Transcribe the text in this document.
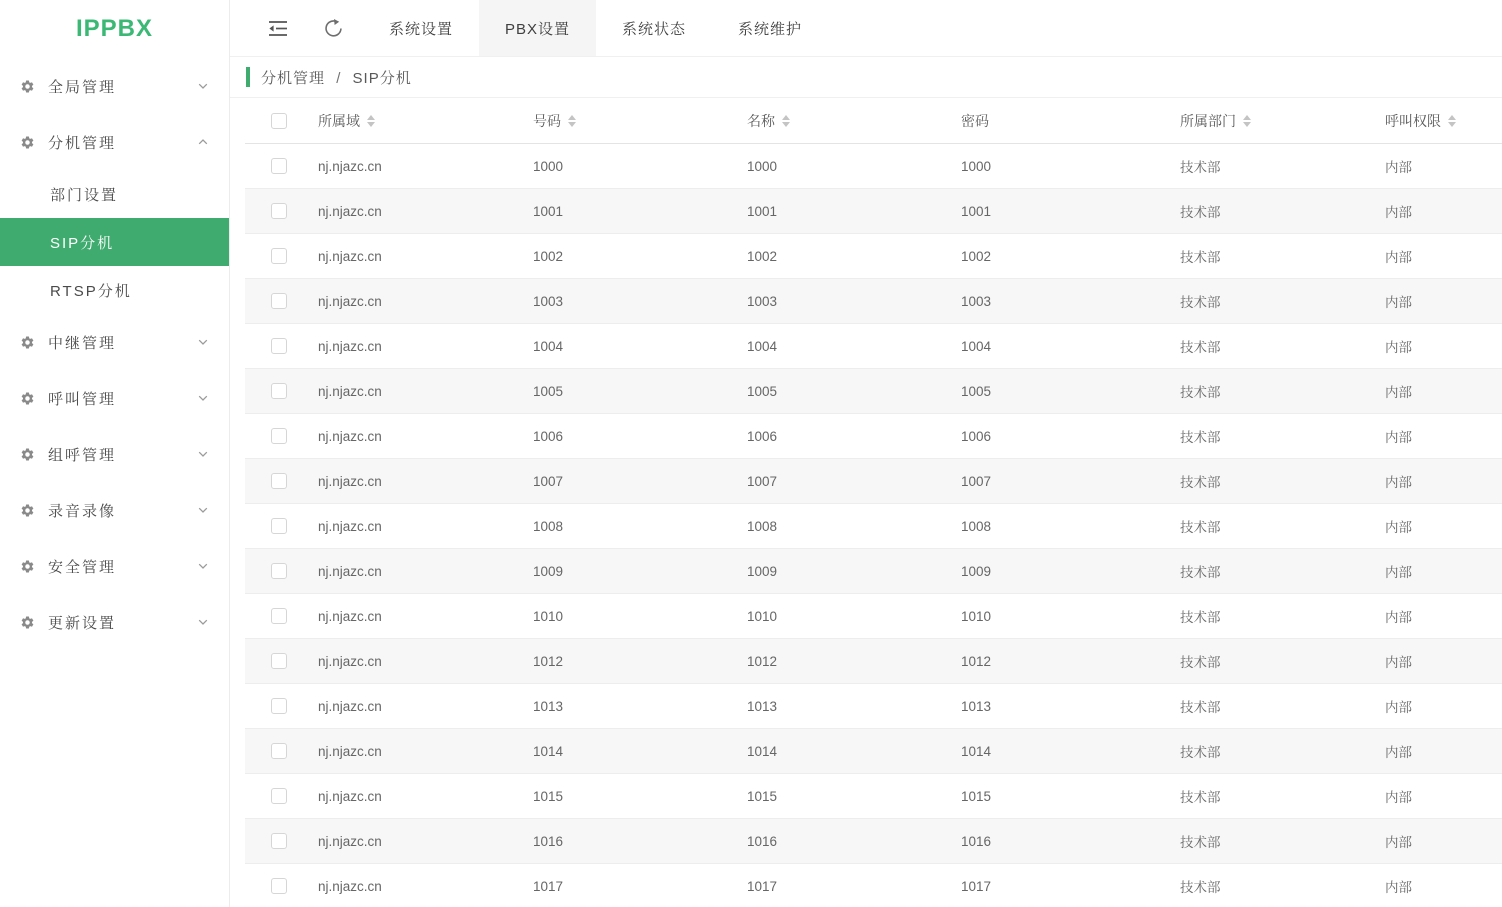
IPPBX
全局管理
分机管理
部门设置
SIP分机
RTSP分机
中继管理
呼叫管理
组呼管理
录音录像
安全管理
更新设置
系统设置	PBX设置	系统状态	系统维护
分机管理 / SIP分机
所属域	号码	名称	密码	所属部门	呼叫权限
nj.njazc.cn	1000	1000	1000	技术部	内部
nj.njazc.cn	1001	1001	1001	技术部	内部
nj.njazc.cn	1002	1002	1002	技术部	内部
nj.njazc.cn	1003	1003	1003	技术部	内部
nj.njazc.cn	1004	1004	1004	技术部	内部
nj.njazc.cn	1005	1005	1005	技术部	内部
nj.njazc.cn	1006	1006	1006	技术部	内部
nj.njazc.cn	1007	1007	1007	技术部	内部
nj.njazc.cn	1008	1008	1008	技术部	内部
nj.njazc.cn	1009	1009	1009	技术部	内部
nj.njazc.cn	1010	1010	1010	技术部	内部
nj.njazc.cn	1012	1012	1012	技术部	内部
nj.njazc.cn	1013	1013	1013	技术部	内部
nj.njazc.cn	1014	1014	1014	技术部	内部
nj.njazc.cn	1015	1015	1015	技术部	内部
nj.njazc.cn	1016	1016	1016	技术部	内部
nj.njazc.cn	1017	1017	1017	技术部	内部
